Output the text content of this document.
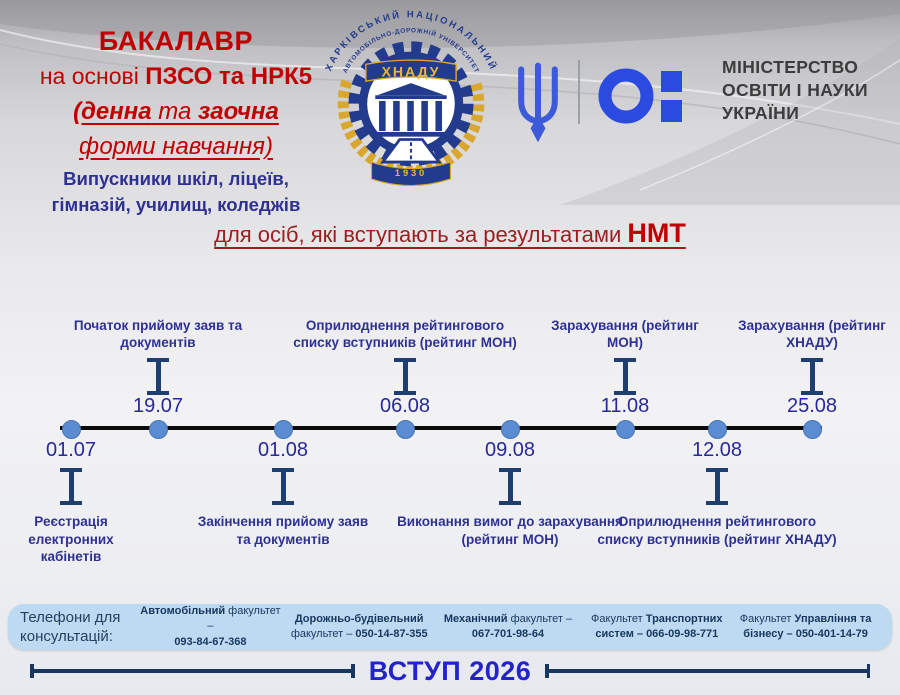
БАКАЛАВР
на основі ПЗСО та НРК5
(денна та заочна
форми навчання)
Випускники шкіл, ліцеїв,
гімназій, училищ, коледжів
ХНАДУ
1930
ХАРКІВСЬКИЙ НАЦІОНАЛЬНИЙ
АВТОМОБІЛЬНО-ДОРОЖНІЙ УНІВЕРСИТЕТ	МІНІСТЕРСТВО
ОСВІТИ І НАУКИ
УКРАЇНИ
для осіб, які вступають за результатами НМТ
01.07
Реєстрація електронних кабінетів
19.07
Початок прийому заяв та документів
01.08
Закінчення прийому заяв та документів
06.08
Оприлюднення рейтингового списку вступників (рейтинг МОН)
09.08
Виконання вимог до зарахування (рейтинг МОН)
11.08
Зарахування (рейтинг МОН)
12.08
Оприлюднення рейтингового списку вступників (рейтинг ХНАДУ)
25.08
Зарахування (рейтинг ХНАДУ)
Телефони для консультацій:
Автомобільний факультет –
093-84-67-368
Дорожньо-будівельний
факультет – 050-14-87-355
Механічний факультет –
067-701-98-64
Факультет Транспортних
систем – 066-09-98-771
Факультет Управління та
бізнесу – 050-401-14-79
ВСТУП 2026
